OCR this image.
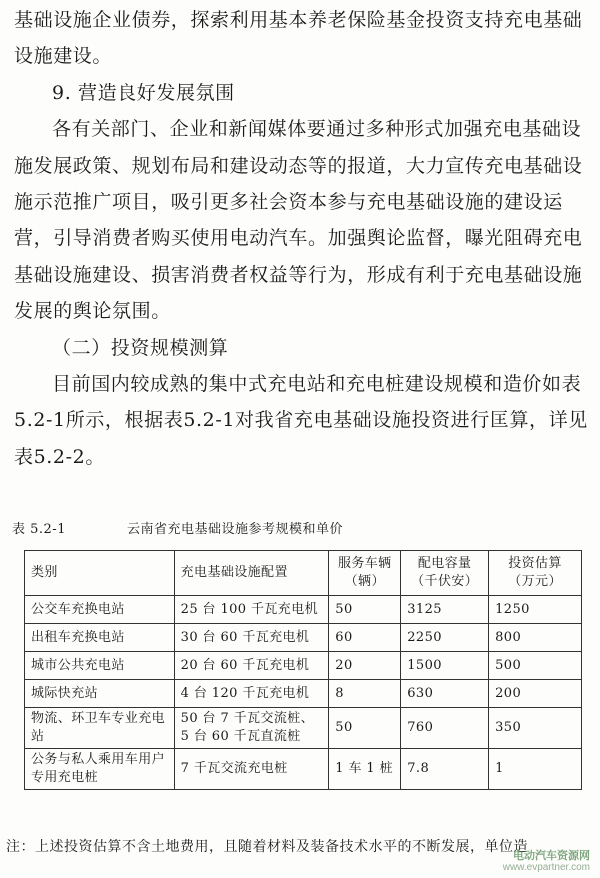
基础设施企业债券，探索利用基本养老保险基金投资支持充电基础设施建设。

9. 营造良好发展氛围

各有关部门、企业和新闻媒体要通过多种形式加强充电基础设施发展政策、规划布局和建设动态等的报道，大力宣传充电基础设施示范推广项目，吸引更多社会资本参与充电基础设施的建设运营，引导消费者购买使用电动汽车。加强舆论监督，曝光阻碍充电基础设施建设、损害消费者权益等行为，形成有利于充电基础设施发展的舆论氛围。

（二）投资规模测算

目前国内较成熟的集中式充电站和充电桩建设规模和造价如表5.2-1所示，根据表5.2-1对我省充电基础设施投资进行匡算，详见表5.2-2。

表 5.2-1	云南省充电基础设施参考规模和单价
类别	充电基础设施配置	服务车辆（辆）	配电容量（千伏安）	投资估算（万元）
公交车充换电站	25 台 100 千瓦充电机	50	3125	1250
出租车充换电站	30 台 60 千瓦充电机	60	2250	800
城市公共充电站	20 台 60 千瓦充电机	20	1500	500
城际快充站	4 台 120 千瓦充电机	8	630	200
物流、环卫车专业充电站	50 台 7 千瓦交流桩、5 台 60 千瓦直流桩	50	760	350
公务与私人乘用车用户专用充电桩	7 千瓦交流充电桩	1 车 1 桩	7.8	1
注：上述投资估算不含土地费用，且随着材料及装备技术水平的不断发展，单位造
电动汽车资源网
www.evpartner.com
